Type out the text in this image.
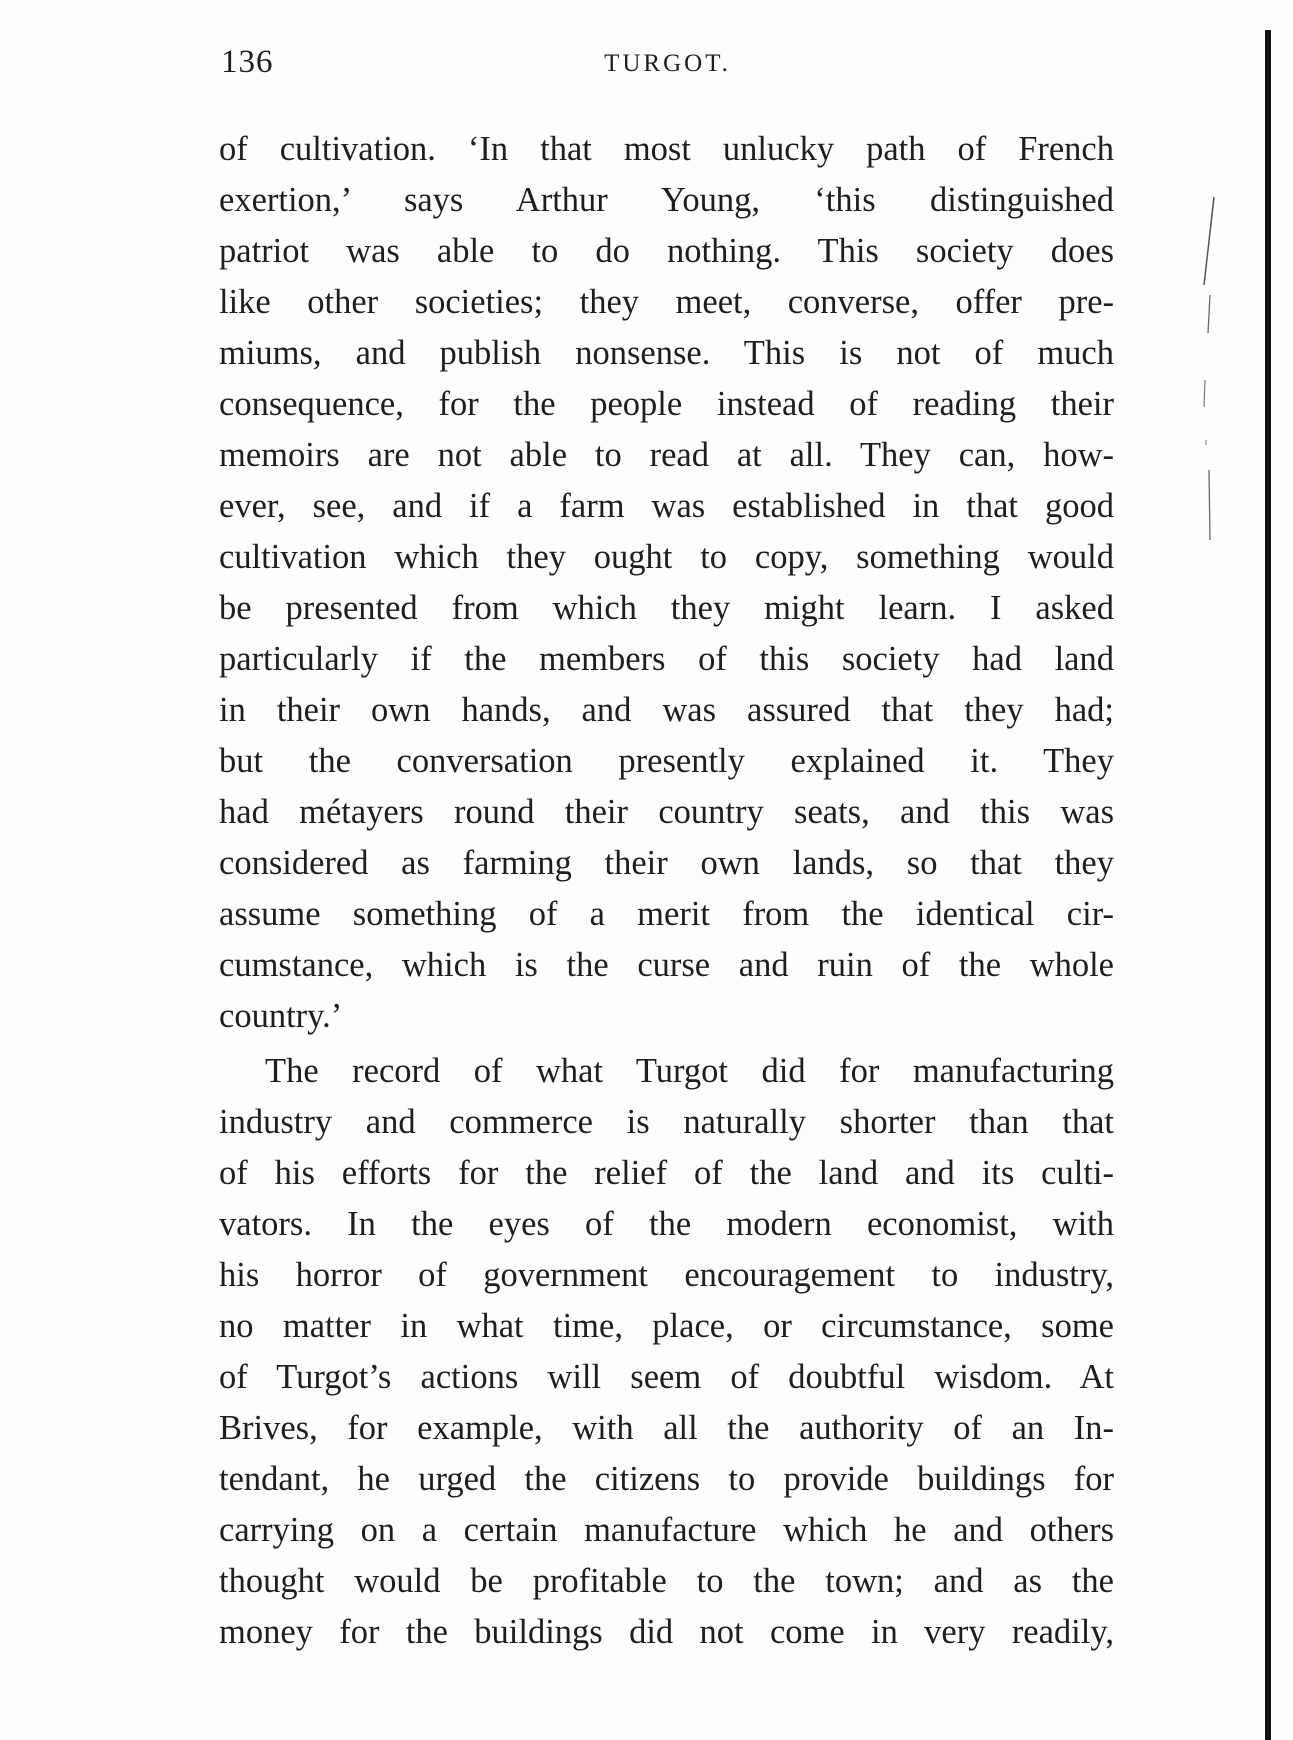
136	TURGOT.
of cultivation. ‘In that most unlucky path of French
exertion,’ says Arthur Young, ‘this distinguished
patriot was able to do nothing. This society does
like other societies; they meet, converse, offer pre-
miums, and publish nonsense. This is not of much
consequence, for the people instead of reading their
memoirs are not able to read at all. They can, how-
ever, see, and if a farm was established in that good
cultivation which they ought to copy, something would
be presented from which they might learn. I asked
particularly if the members of this society had land
in their own hands, and was assured that they had;
but the conversation presently explained it. They
had métayers round their country seats, and this was
considered as farming their own lands, so that they
assume something of a merit from the identical cir-
cumstance, which is the curse and ruin of the whole
country.’
The record of what Turgot did for manufacturing
industry and commerce is naturally shorter than that
of his efforts for the relief of the land and its culti-
vators. In the eyes of the modern economist, with
his horror of government encouragement to industry,
no matter in what time, place, or circumstance, some
of Turgot’s actions will seem of doubtful wisdom. At
Brives, for example, with all the authority of an In-
tendant, he urged the citizens to provide buildings for
carrying on a certain manufacture which he and others
thought would be profitable to the town; and as the
money for the buildings did not come in very readily,
